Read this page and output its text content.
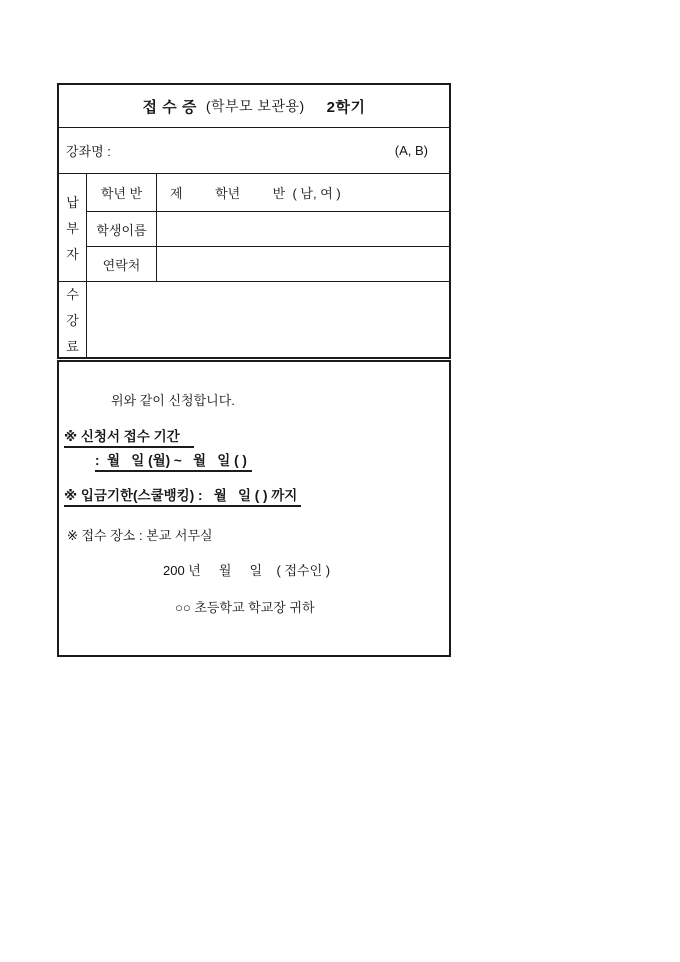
접 수 증 (학부모 보관용) 2학기
강좌명 :	(A, B)
납
부
자
학년 반 제         학년         반  ( 남, 여 )
학생이름
연락처
수
강
료
위와 같이 신청합니다.
※ 신청서 접수 기간
:  월   일 (월) ~   월   일 ( )
※ 입금기한(스쿨뱅킹) :   월   일 ( ) 까지
※ 접수 장소 : 본교 서무실
200 년     월     일    ( 접수인 )
○○ 초등학교 학교장 귀하
